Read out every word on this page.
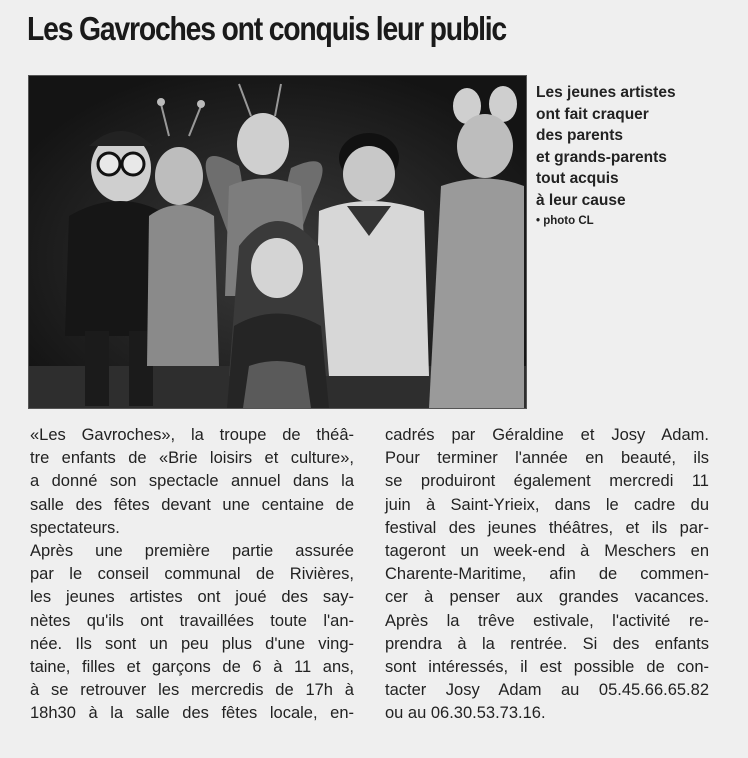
Les Gavroches ont conquis leur public
Les jeunes artistes
ont fait craquer
des parents
et grands-parents
tout acquis
à leur cause
• photo CL
«Les Gavroches», la troupe de théâ-
tre enfants de «Brie loisirs et culture»,
a donné son spectacle annuel dans la
salle des fêtes devant une centaine de
spectateurs.
Après une première partie assurée
par le conseil communal de Rivières,
les jeunes artistes ont joué des say-
nètes qu'ils ont travaillées toute l'an-
née. Ils sont un peu plus d'une ving-
taine, filles et garçons de 6 à 11 ans,
à se retrouver les mercredis de 17h à
18h30 à la salle des fêtes locale, en-
cadrés par Géraldine et Josy Adam.
Pour terminer l'année en beauté, ils
se produiront également mercredi 11
juin à Saint-Yrieix, dans le cadre du
festival des jeunes théâtres, et ils par-
tageront un week-end à Meschers en
Charente-Maritime, afin de commen-
cer à penser aux grandes vacances.
Après la trêve estivale, l'activité re-
prendra à la rentrée. Si des enfants
sont intéressés, il est possible de con-
tacter Josy Adam au 05.45.66.65.82
ou au 06.30.53.73.16.
